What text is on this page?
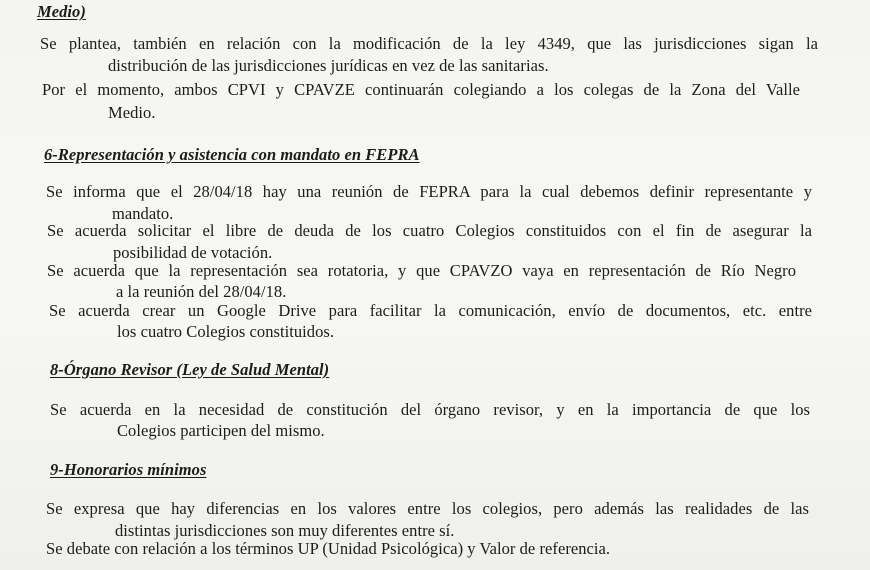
Medio)
Se plantea, también en relación con la modificación de la ley 4349, que las jurisdicciones sigan la
distribución de las jurisdicciones jurídicas en vez de las sanitarias.
Por el momento, ambos CPVI y CPAVZE continuarán colegiando a los colegas de la Zona del Valle
Medio.
6-Representación y asistencia con mandato en FEPRA
Se informa que el 28/04/18 hay una reunión de FEPRA para la cual debemos definir representante y
mandato.
Se acuerda solicitar el libre de deuda de los cuatro Colegios constituidos con el fin de asegurar la
posibilidad de votación.
Se acuerda que la representación sea rotatoria, y que CPAVZO vaya en representación de Río Negro
a la reunión del 28/04/18.
Se acuerda crear un Google Drive para facilitar la comunicación, envío de documentos, etc. entre
los cuatro Colegios constituidos.
8-Órgano Revisor (Ley de Salud Mental)
Se acuerda en la necesidad de constitución del órgano revisor, y en la importancia de que los
Colegios participen del mismo.
9-Honorarios mínimos
Se expresa que hay diferencias en los valores entre los colegios, pero además las realidades de las
distintas jurisdicciones son muy diferentes entre sí.
Se debate con relación a los términos UP (Unidad Psicológica) y Valor de referencia.
